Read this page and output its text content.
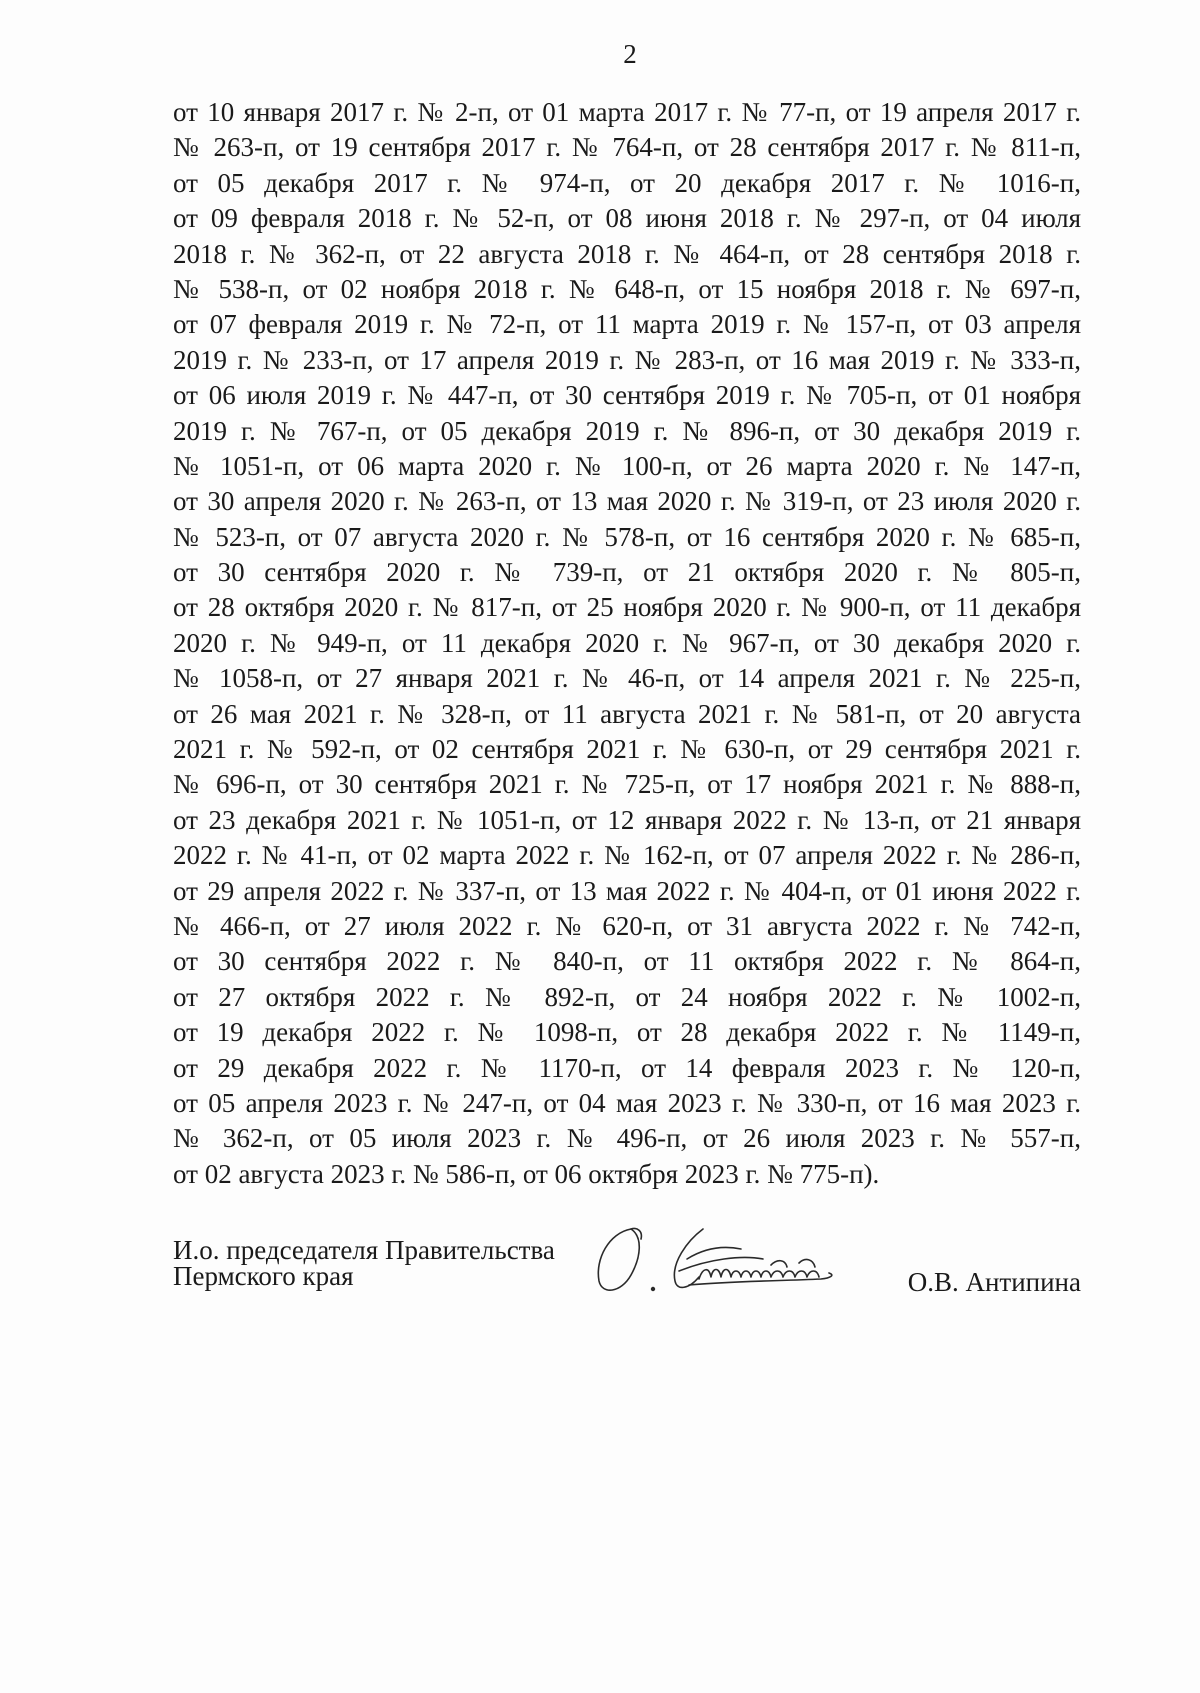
2
от 10 января 2017 г. № 2-п, от 01 марта 2017 г. № 77-п, от 19 апреля 2017 г.
№ 263-п, от 19 сентября 2017 г. № 764-п, от 28 сентября 2017 г. № 811-п,
от 05 декабря 2017 г. № 974-п, от 20 декабря 2017 г. № 1016-п,
от 09 февраля 2018 г. № 52-п, от 08 июня 2018 г. № 297-п, от 04 июля
2018 г. № 362-п, от 22 августа 2018 г. № 464-п, от 28 сентября 2018 г.
№ 538-п, от 02 ноября 2018 г. № 648-п, от 15 ноября 2018 г. № 697-п,
от 07 февраля 2019 г. № 72-п, от 11 марта 2019 г. № 157-п, от 03 апреля
2019 г. № 233-п, от 17 апреля 2019 г. № 283-п, от 16 мая 2019 г. № 333-п,
от 06 июля 2019 г. № 447-п, от 30 сентября 2019 г. № 705-п, от 01 ноября
2019 г. № 767-п, от 05 декабря 2019 г. № 896-п, от 30 декабря 2019 г.
№ 1051-п, от 06 марта 2020 г. № 100-п, от 26 марта 2020 г. № 147-п,
от 30 апреля 2020 г. № 263-п, от 13 мая 2020 г. № 319-п, от 23 июля 2020 г.
№ 523-п, от 07 августа 2020 г. № 578-п, от 16 сентября 2020 г. № 685-п,
от 30 сентября 2020 г. № 739-п, от 21 октября 2020 г. № 805-п,
от 28 октября 2020 г. № 817-п, от 25 ноября 2020 г. № 900-п, от 11 декабря
2020 г. № 949-п, от 11 декабря 2020 г. № 967-п, от 30 декабря 2020 г.
№ 1058-п, от 27 января 2021 г. № 46-п, от 14 апреля 2021 г. № 225-п,
от 26 мая 2021 г. № 328-п, от 11 августа 2021 г. № 581-п, от 20 августа
2021 г. № 592-п, от 02 сентября 2021 г. № 630-п, от 29 сентября 2021 г.
№ 696-п, от 30 сентября 2021 г. № 725-п, от 17 ноября 2021 г. № 888-п,
от 23 декабря 2021 г. № 1051-п, от 12 января 2022 г. № 13-п, от 21 января
2022 г. № 41-п, от 02 марта 2022 г. № 162-п, от 07 апреля 2022 г. № 286-п,
от 29 апреля 2022 г. № 337-п, от 13 мая 2022 г. № 404-п, от 01 июня 2022 г.
№ 466-п, от 27 июля 2022 г. № 620-п, от 31 августа 2022 г. № 742-п,
от 30 сентября 2022 г. № 840-п, от 11 октября 2022 г. № 864-п,
от 27 октября 2022 г. № 892-п, от 24 ноября 2022 г. № 1002-п,
от 19 декабря 2022 г. № 1098-п, от 28 декабря 2022 г. № 1149-п,
от 29 декабря 2022 г. № 1170-п, от 14 февраля 2023 г. № 120-п,
от 05 апреля 2023 г. № 247-п, от 04 мая 2023 г. № 330-п, от 16 мая 2023 г.
№ 362-п, от 05 июля 2023 г. № 496-п, от 26 июля 2023 г. № 557-п,
от 02 августа 2023 г. № 586-п, от 06 октября 2023 г. № 775-п).
И.о. председателя Правительства
Пермского края	О.В. Антипина
